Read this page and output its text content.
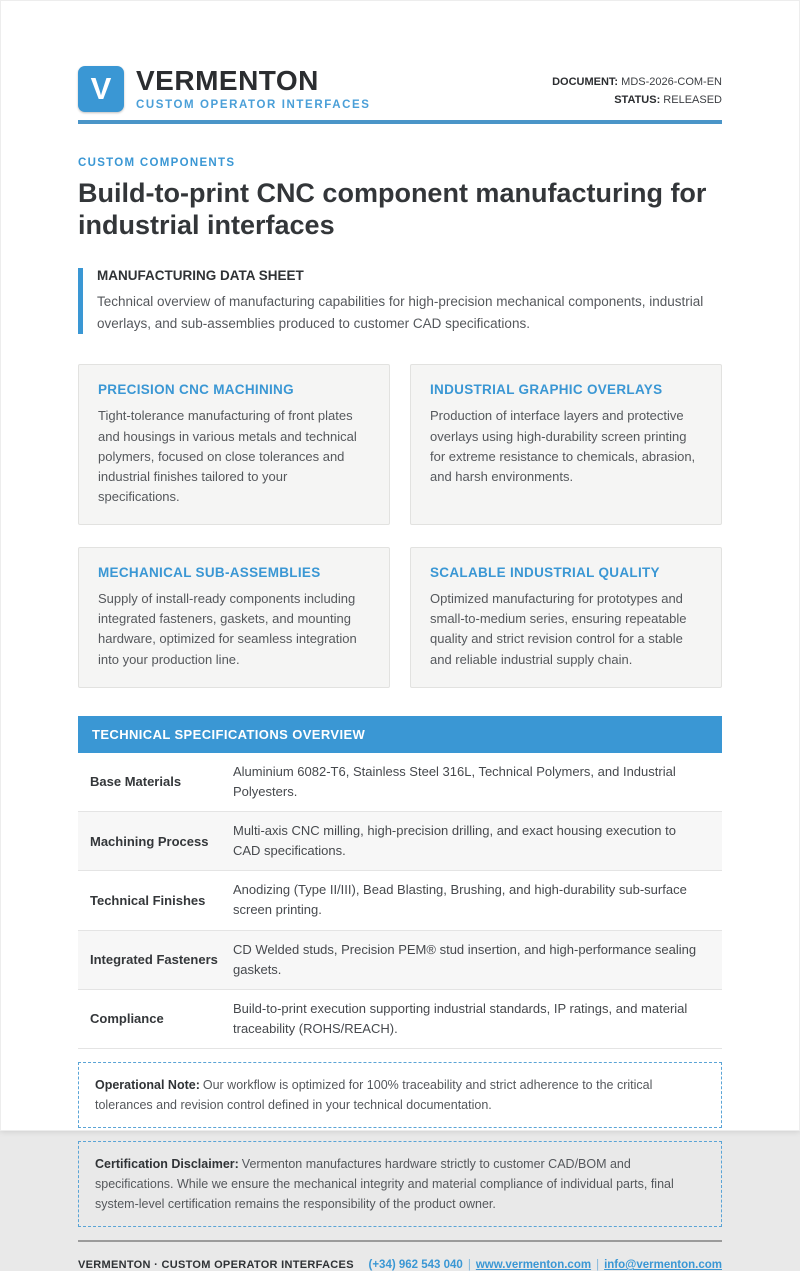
V VERMENTON
CUSTOM OPERATOR INTERFACES
DOCUMENT: MDS-2026-COM-EN
STATUS: RELEASED
CUSTOM COMPONENTS
Build-to-print CNC component manufacturing for industrial interfaces
MANUFACTURING DATA SHEET
Technical overview of manufacturing capabilities for high-precision mechanical components, industrial overlays, and sub-assemblies produced to customer CAD specifications.
PRECISION CNC MACHINING
Tight-tolerance manufacturing of front plates and housings in various metals and technical polymers, focused on close tolerances and industrial finishes tailored to your specifications.
INDUSTRIAL GRAPHIC OVERLAYS
Production of interface layers and protective overlays using high-durability screen printing for extreme resistance to chemicals, abrasion, and harsh environments.
MECHANICAL SUB-ASSEMBLIES
Supply of install-ready components including integrated fasteners, gaskets, and mounting hardware, optimized for seamless integration into your production line.
SCALABLE INDUSTRIAL QUALITY
Optimized manufacturing for prototypes and small-to-medium series, ensuring repeatable quality and strict revision control for a stable and reliable industrial supply chain.
TECHNICAL SPECIFICATIONS OVERVIEW
Base Materials
Aluminium 6082-T6, Stainless Steel 316L, Technical Polymers, and Industrial Polyesters.
Machining Process
Multi-axis CNC milling, high-precision drilling, and exact housing execution to CAD specifications.
Technical Finishes
Anodizing (Type II/III), Bead Blasting, Brushing, and high-durability sub-surface screen printing.
Integrated Fasteners
CD Welded studs, Precision PEM® stud insertion, and high-performance sealing gaskets.
Compliance
Build-to-print execution supporting industrial standards, IP ratings, and material traceability (ROHS/REACH).
Operational Note: Our workflow is optimized for 100% traceability and strict adherence to the critical tolerances and revision control defined in your technical documentation.
Certification Disclaimer: Vermenton manufactures hardware strictly to customer CAD/BOM and specifications. While we ensure the mechanical integrity and material compliance of individual parts, final system-level certification remains the responsibility of the product owner.
VERMENTON · CUSTOM OPERATOR INTERFACES (+34) 962 543 040 | www.vermenton.com | info@vermenton.com
